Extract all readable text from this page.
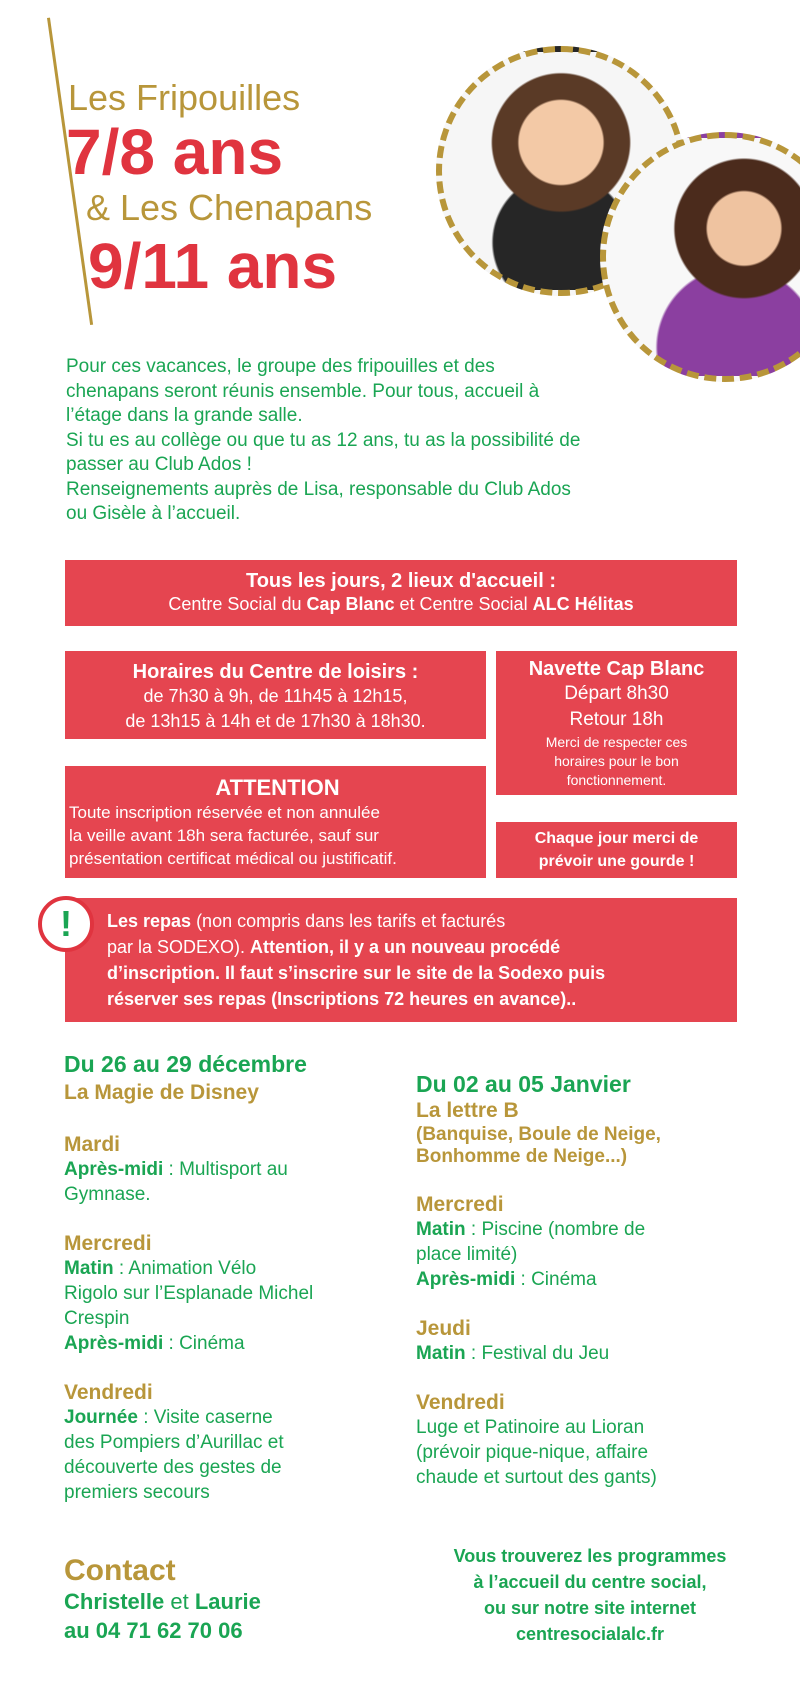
Les Fripouilles
7/8 ans
& Les Chenapans
9/11 ans

Pour ces vacances, le groupe des fripouilles et des

chenapans seront réunis ensemble. Pour tous, accueil à

l’étage dans la grande salle.

Si tu es au collège ou que tu as 12 ans, tu as la possibilité de

passer au Club Ados !

Renseignements auprès de Lisa, responsable du Club Ados

ou Gisèle à l’accueil.

Tous les jours, 2 lieux d'accueil :
Centre Social du Cap Blanc et Centre Social ALC Hélitas
Horaires du Centre de loisirs :
de 7h30 à 9h, de 11h45 à 12h15,
de 13h15 à 14h et de 17h30 à 18h30.
Navette Cap Blanc
Départ 8h30
Retour 18h
Merci de respecter ces
horaires pour le bon
fonctionnement.
ATTENTION
Toute inscription réservée et non annulée
la veille avant 18h sera facturée, sauf sur
présentation certificat médical ou justificatif.
Chaque jour merci de
prévoir une gourde !
! Les repas (non compris dans les tarifs et facturés
par la SODEXO). Attention, il y a un nouveau procédé
d’inscription. Il faut s’inscrire sur le site de la Sodexo puis
réserver ses repas (Inscriptions 72 heures en avance)..
Du 26 au 29 décembre
La Magie de Disney
Mardi
Après-midi : Multisport au
Gymnase.
Mercredi
Matin : Animation Vélo
Rigolo sur l’Esplanade Michel
Crespin
Après-midi : Cinéma
Vendredi
Journée : Visite caserne
des Pompiers d’Aurillac et
découverte des gestes de
premiers secours
Contact
Christelle et Laurie
au 04 71 62 70 06
Du 02 au 05 Janvier
La lettre B
(Banquise, Boule de Neige,
Bonhomme de Neige...)
Mercredi
Matin : Piscine (nombre de
place limité)
Après-midi : Cinéma
Jeudi
Matin : Festival du Jeu
Vendredi
Luge et Patinoire au Lioran
(prévoir pique-nique, affaire
chaude et surtout des gants)

Vous trouverez les programmes

à l’accueil du centre social,

ou sur notre site internet

centresocialalc.fr
